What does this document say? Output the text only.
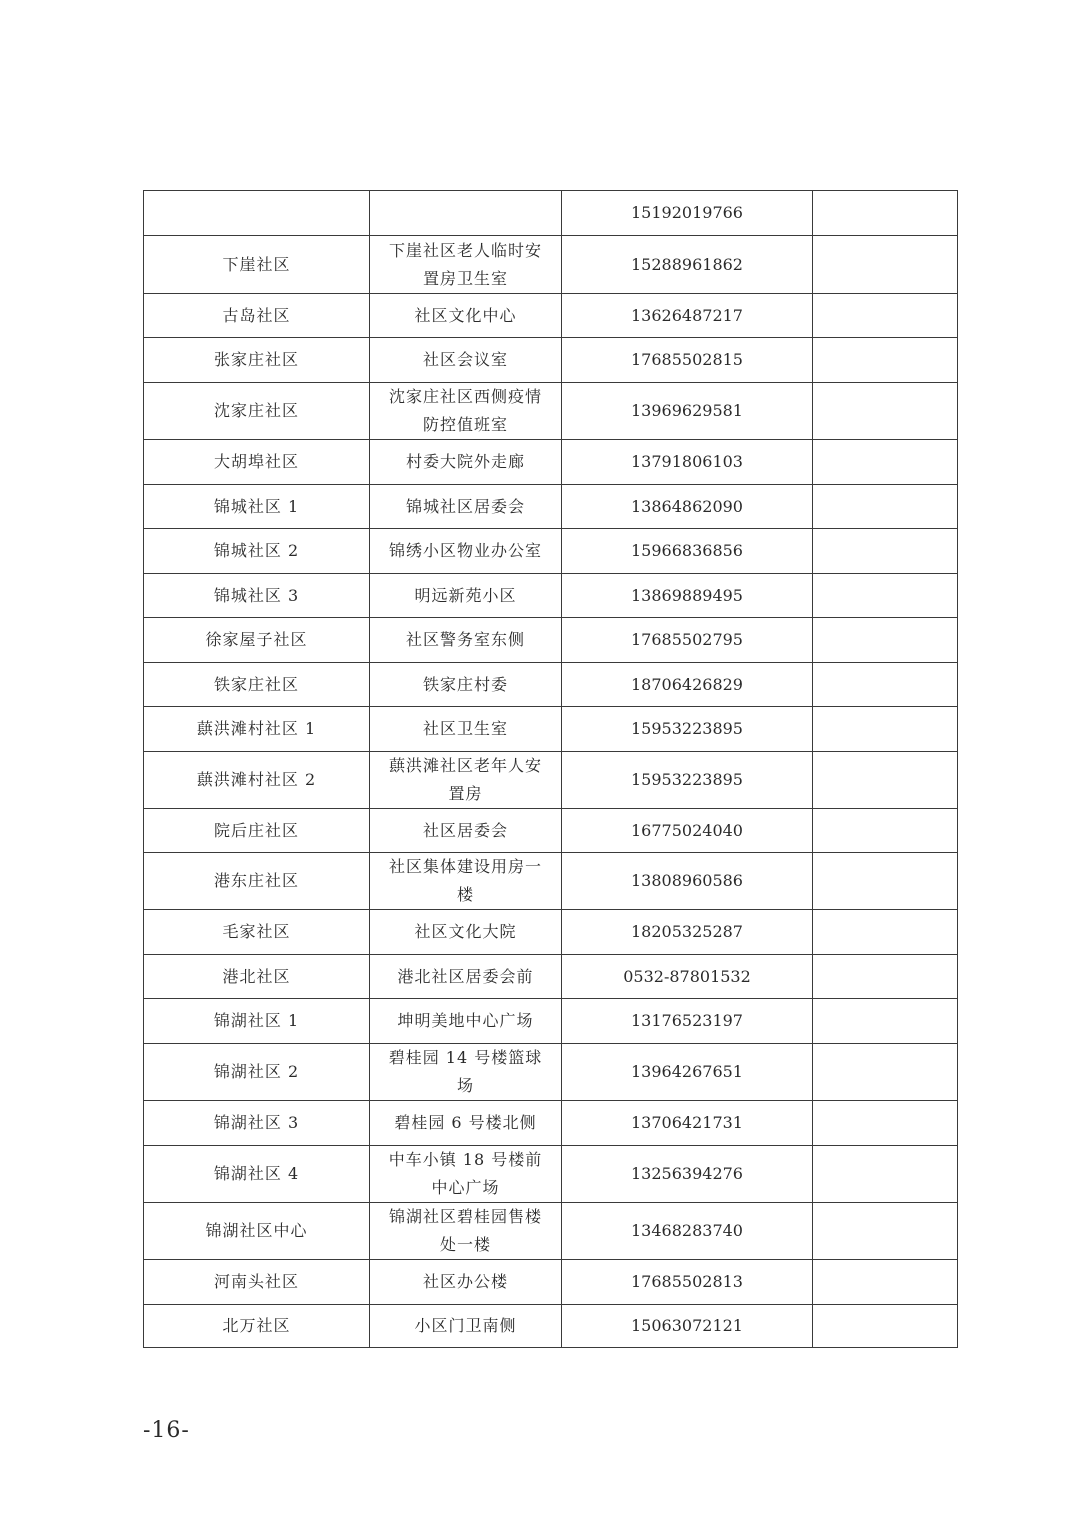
		15192019766	
下崖社区	下崖社区老人临时安置房卫生室	15288961862	
古岛社区	社区文化中心	13626487217	
张家庄社区	社区会议室	17685502815	
沈家庄社区	沈家庄社区西侧疫情防控值班室	13969629581	
大胡埠社区	村委大院外走廊	13791806103	
锦城社区 1	锦城社区居委会	13864862090	
锦城社区 2	锦绣小区物业办公室	15966836856	
锦城社区 3	明远新苑小区	13869889495	
徐家屋子社区	社区警务室东侧	17685502795	
铁家庄社区	铁家庄村委	18706426829	
蕻洪滩村社区 1	社区卫生室	15953223895	
蕻洪滩村社区 2	蕻洪滩社区老年人安置房	15953223895	
院后庄社区	社区居委会	16775024040	
港东庄社区	社区集体建设用房一楼	13808960586	
毛家社区	社区文化大院	18205325287	
港北社区	港北社区居委会前	0532-87801532	
锦湖社区 1	坤明美地中心广场	13176523197	
锦湖社区 2	碧桂园 14 号楼篮球场	13964267651	
锦湖社区 3	碧桂园 6 号楼北侧	13706421731	
锦湖社区 4	中车小镇 18 号楼前中心广场	13256394276	
锦湖社区中心	锦湖社区碧桂园售楼处一楼	13468283740	
河南头社区	社区办公楼	17685502813	
北万社区	小区门卫南侧	15063072121	
-16-
